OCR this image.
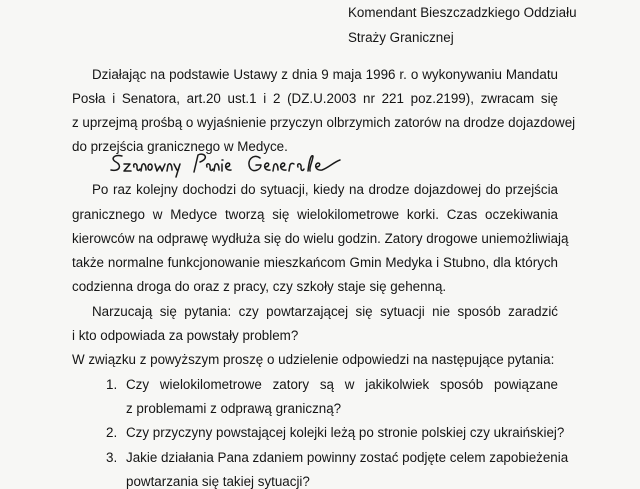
Komendant Bieszczadzkiego Oddziału
Straży Granicznej
Działając na podstawie Ustawy z dnia 9 maja 1996 r. o wykonywaniu Mandatu
Posła i Senatora, art.20 ust.1 i 2 (DZ.U.2003 nr 221 poz.2199), zwracam się
z uprzejmą prośbą o wyjaśnienie przyczyn olbrzymich zatorów na drodze dojazdowej
do przejścia granicznego w Medyce.
Po raz kolejny dochodzi do sytuacji, kiedy na drodze dojazdowej do przejścia
granicznego w Medyce tworzą się wielokilometrowe korki. Czas oczekiwania
kierowców na odprawę wydłuża się do wielu godzin. Zatory drogowe uniemożliwiają
także normalne funkcjonowanie mieszkańcom Gmin Medyka i Stubno, dla których
codzienna droga do oraz z pracy, czy szkoły staje się gehenną.
Narzucają się pytania: czy powtarzającej się sytuacji nie sposób zaradzić
i kto odpowiada za powstały problem?
W związku z powyższym proszę o udzielenie odpowiedzi na następujące pytania:
1. Czy wielokilometrowe zatory są w jakikolwiek sposób powiązane
z problemami z odprawą graniczną?
2. Czy przyczyny powstającej kolejki leżą po stronie polskiej czy ukraińskiej?
3. Jakie działania Pana zdaniem powinny zostać podjęte celem zapobieżenia
powtarzania się takiej sytuacji?
